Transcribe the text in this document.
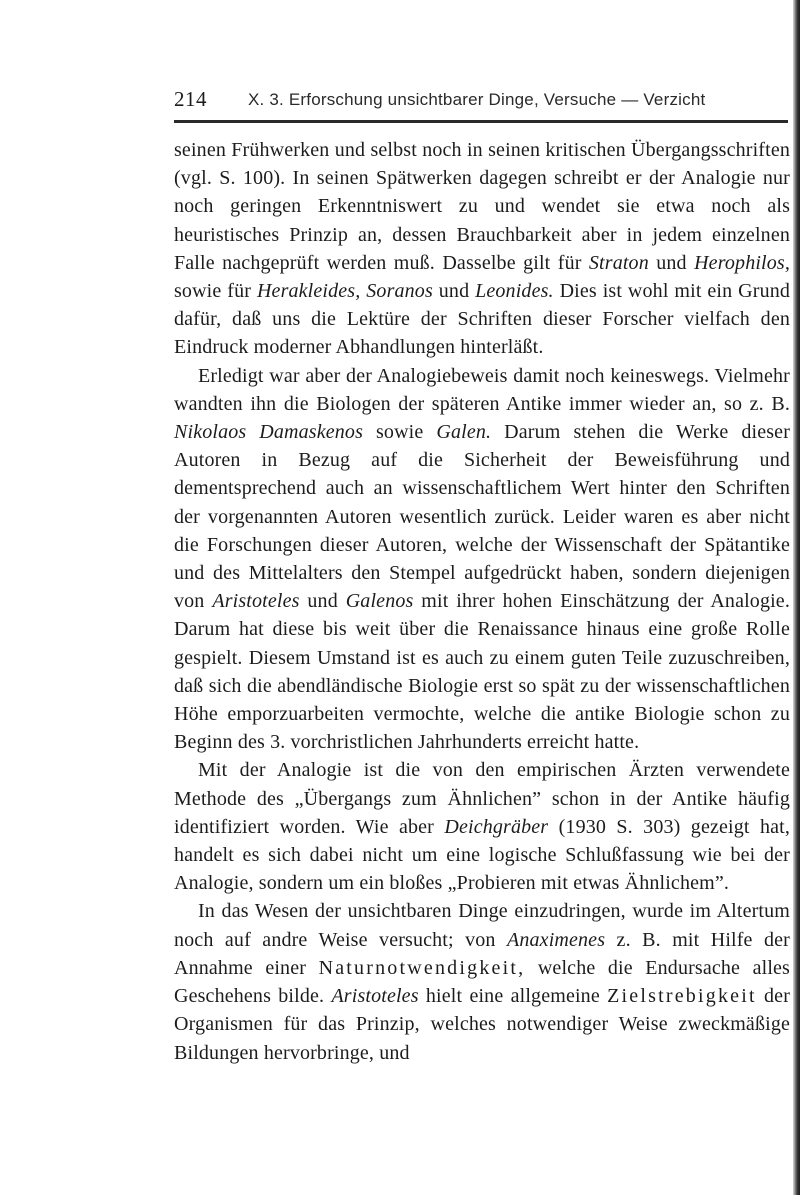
214 X. 3. Erforschung unsichtbarer Dinge, Versuche — Verzicht

seinen Frühwerken und selbst noch in seinen kritischen Übergangsschriften (vgl. S. 100). In seinen Spätwerken dagegen schreibt er der Analogie nur noch geringen Erkenntniswert zu und wendet sie etwa noch als heuristisches Prinzip an, dessen Brauchbarkeit aber in jedem einzelnen Falle nachgeprüft werden muß. Dasselbe gilt für Straton und Herophilos, sowie für Herakleides, Soranos und Leonides. Dies ist wohl mit ein Grund dafür, daß uns die Lektüre der Schriften dieser Forscher vielfach den Eindruck moderner Abhandlungen hinterläßt.

Erledigt war aber der Analogiebeweis damit noch keineswegs. Vielmehr wandten ihn die Biologen der späteren Antike immer wieder an, so z. B. Nikolaos Damaskenos sowie Galen. Darum stehen die Werke dieser Autoren in Bezug auf die Sicherheit der Beweisführung und dementsprechend auch an wissenschaftlichem Wert hinter den Schriften der vorgenannten Autoren wesentlich zurück. Leider waren es aber nicht die Forschungen dieser Autoren, welche der Wissenschaft der Spätantike und des Mittelalters den Stempel aufgedrückt haben, sondern diejenigen von Aristoteles und Galenos mit ihrer hohen Einschätzung der Analogie. Darum hat diese bis weit über die Renaissance hinaus eine große Rolle gespielt. Diesem Umstand ist es auch zu einem guten Teile zuzuschreiben, daß sich die abendländische Biologie erst so spät zu der wissenschaftlichen Höhe emporzuarbeiten vermochte, welche die antike Biologie schon zu Beginn des 3. vorchristlichen Jahrhunderts erreicht hatte.

Mit der Analogie ist die von den empirischen Ärzten verwendete Methode des „Übergangs zum Ähnlichen” schon in der Antike häufig identifiziert worden. Wie aber Deichgräber (1930 S. 303) gezeigt hat, handelt es sich dabei nicht um eine logische Schlußfassung wie bei der Analogie, sondern um ein bloßes „Probieren mit etwas Ähnlichem”.

In das Wesen der unsichtbaren Dinge einzudringen, wurde im Altertum noch auf andre Weise versucht; von Anaximenes z. B. mit Hilfe der Annahme einer Naturnotwendigkeit, welche die Endursache alles Geschehens bilde. Aristoteles hielt eine allgemeine Zielstrebigkeit der Organismen für das Prinzip, welches notwendiger Weise zweckmäßige Bildungen hervorbringe, und
